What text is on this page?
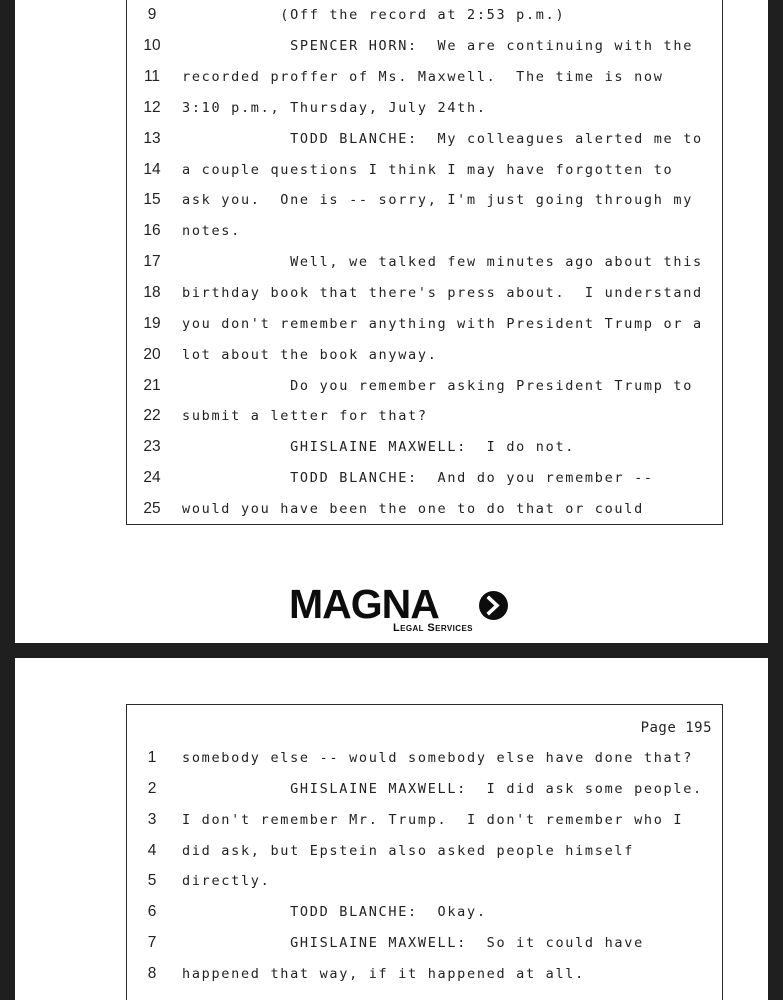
9	(Off the record at 2:53 p.m.)
10	SPENCER HORN:  We are continuing with the
11	recorded proffer of Ms. Maxwell.  The time is now
12	3:10 p.m., Thursday, July 24th.
13	TODD BLANCHE:  My colleagues alerted me to
14	a couple questions I think I may have forgotten to
15	ask you.  One is -- sorry, I'm just going through my
16	notes.
17	Well, we talked few minutes ago about this
18	birthday book that there's press about.  I understand
19	you don't remember anything with President Trump or a
20	lot about the book anyway.
21	Do you remember asking President Trump to
22	submit a letter for that?
23	GHISLAINE MAXWELL:  I do not.
24	TODD BLANCHE:  And do you remember --
25	would you have been the one to do that or could
MAGNA
Legal Services
Page 195
1	somebody else -- would somebody else have done that?
2	GHISLAINE MAXWELL:  I did ask some people.
3	I don't remember Mr. Trump.  I don't remember who I
4	did ask, but Epstein also asked people himself
5	directly.
6	TODD BLANCHE:  Okay.
7	GHISLAINE MAXWELL:  So it could have
8	happened that way, if it happened at all.
